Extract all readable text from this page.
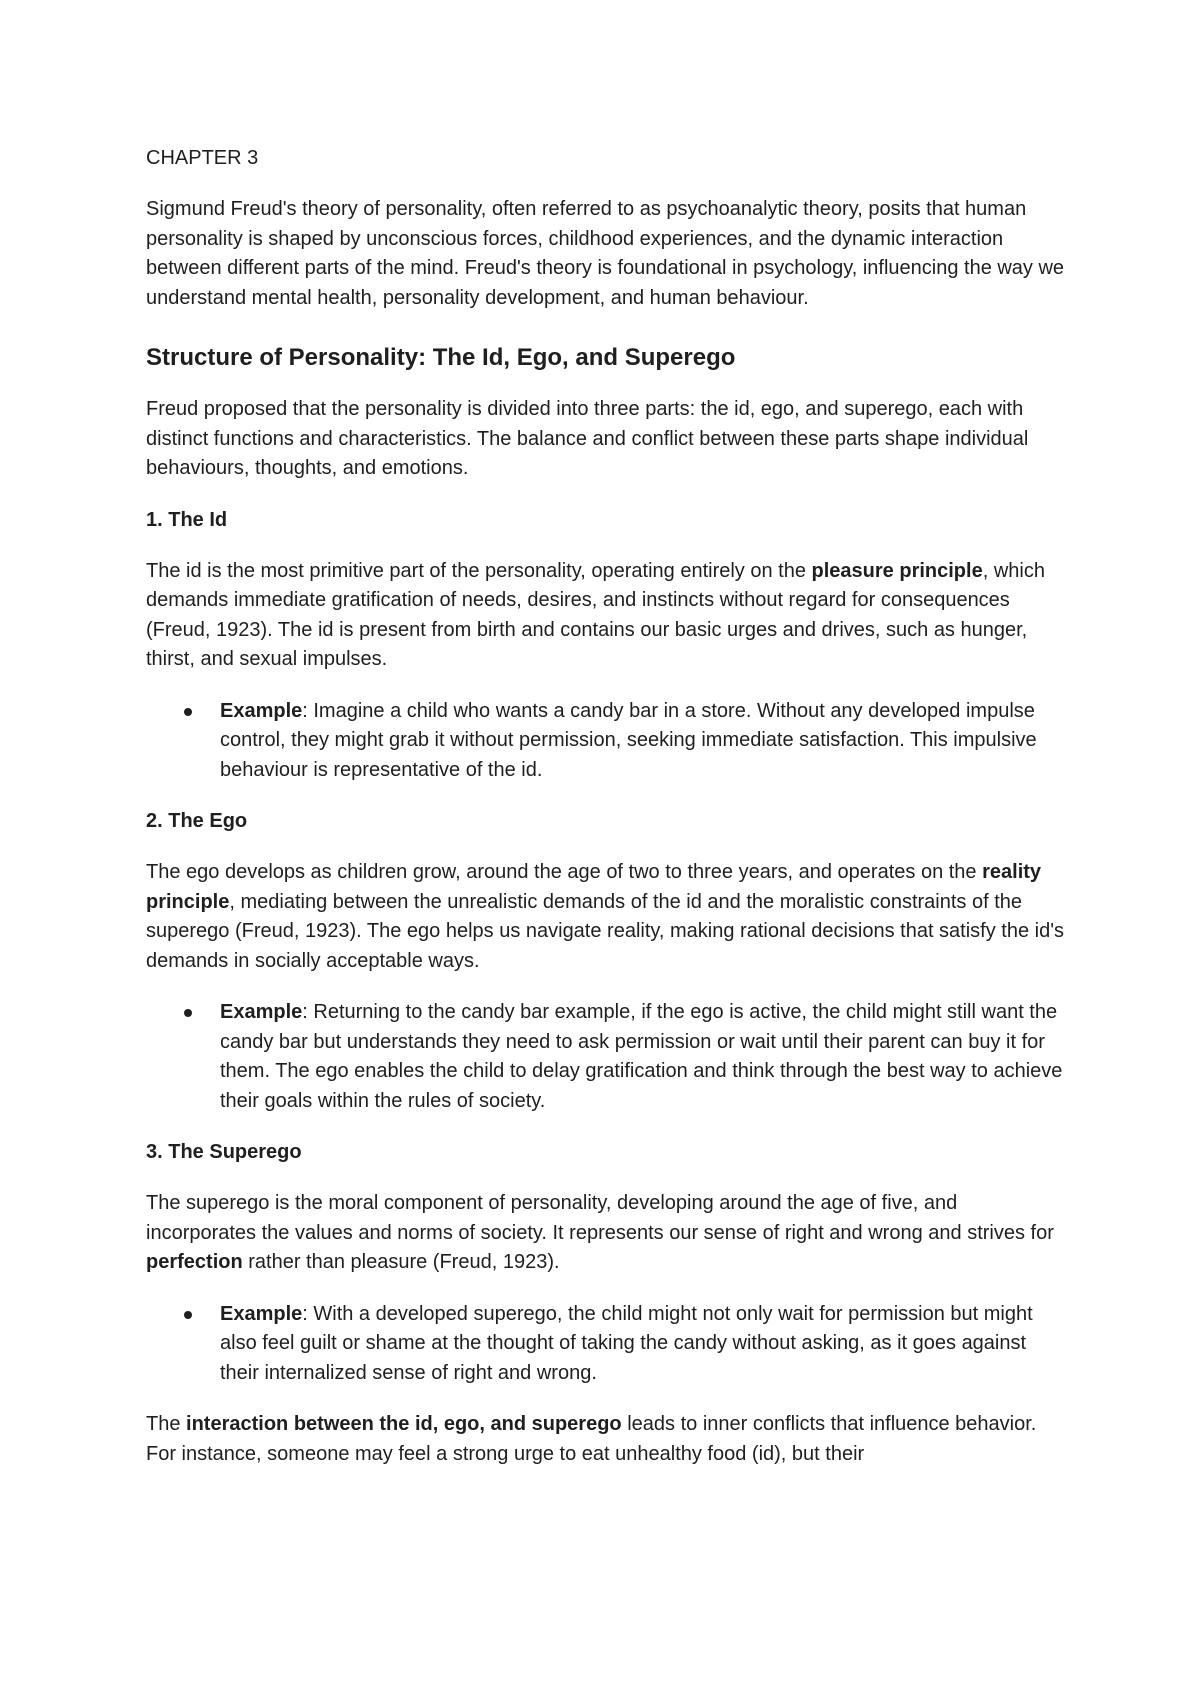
CHAPTER 3

Sigmund Freud's theory of personality, often referred to as psychoanalytic theory, posits that human personality is shaped by unconscious forces, childhood experiences, and the dynamic interaction between different parts of the mind. Freud's theory is foundational in psychology, influencing the way we understand mental health, personality development, and human behaviour.

Structure of Personality: The Id, Ego, and Superego

Freud proposed that the personality is divided into three parts: the id, ego, and superego, each with distinct functions and characteristics. The balance and conflict between these parts shape individual behaviours, thoughts, and emotions.

1. The Id

The id is the most primitive part of the personality, operating entirely on the pleasure principle, which demands immediate gratification of needs, desires, and instincts without regard for consequences (Freud, 1923). The id is present from birth and contains our basic urges and drives, such as hunger, thirst, and sexual impulses.

Example: Imagine a child who wants a candy bar in a store. Without any developed impulse control, they might grab it without permission, seeking immediate satisfaction. This impulsive behaviour is representative of the id.
2. The Ego

The ego develops as children grow, around the age of two to three years, and operates on the reality principle, mediating between the unrealistic demands of the id and the moralistic constraints of the superego (Freud, 1923). The ego helps us navigate reality, making rational decisions that satisfy the id's demands in socially acceptable ways.

Example: Returning to the candy bar example, if the ego is active, the child might still want the candy bar but understands they need to ask permission or wait until their parent can buy it for them. The ego enables the child to delay gratification and think through the best way to achieve their goals within the rules of society.
3. The Superego

The superego is the moral component of personality, developing around the age of five, and incorporates the values and norms of society. It represents our sense of right and wrong and strives for perfection rather than pleasure (Freud, 1923).

Example: With a developed superego, the child might not only wait for permission but might also feel guilt or shame at the thought of taking the candy without asking, as it goes against their internalized sense of right and wrong.

The interaction between the id, ego, and superego leads to inner conflicts that influence behavior. For instance, someone may feel a strong urge to eat unhealthy food (id), but their
